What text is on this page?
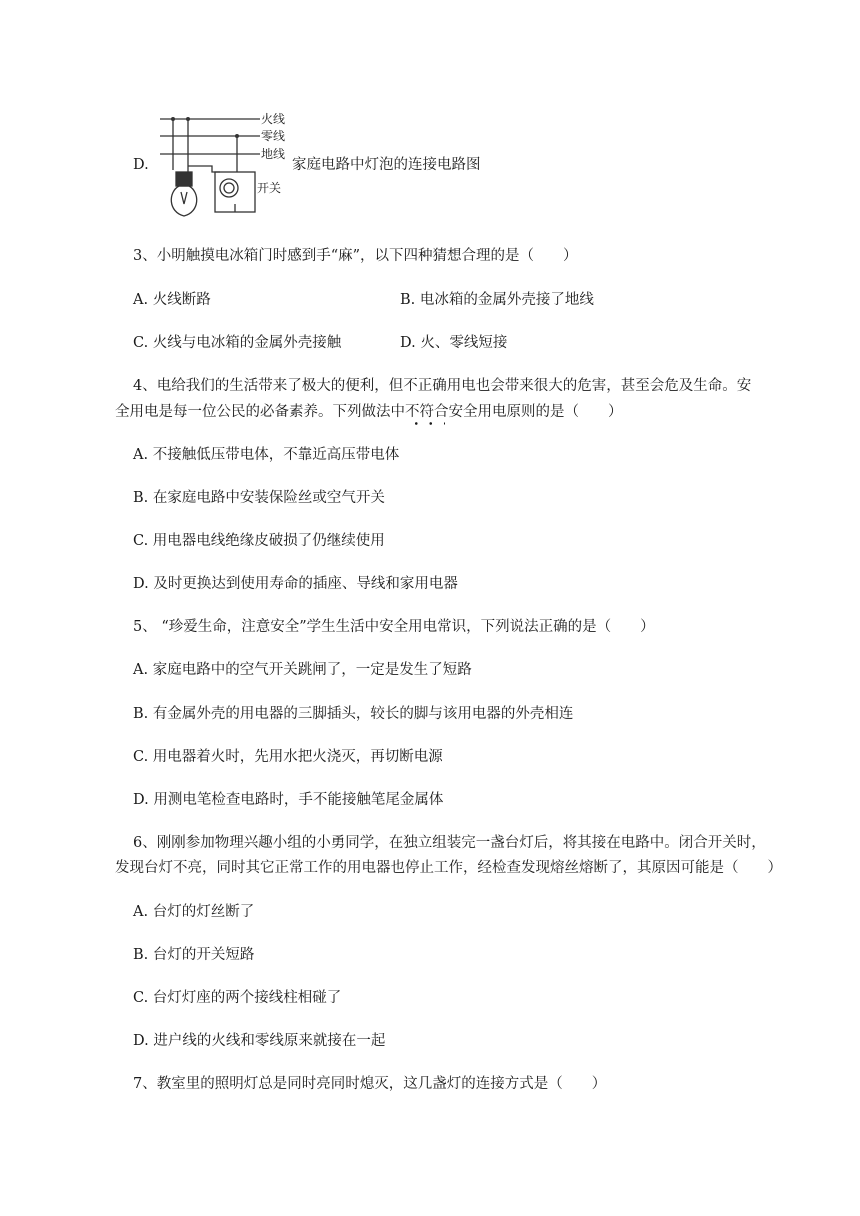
D.
火线
零线
地线
开关
家庭电路中灯泡的连接电路图
3、小明触摸电冰箱门时感到手“麻”，以下四种猜想合理的是（　　）
A. 火线断路	B. 电冰箱的金属外壳接了地线
C. 火线与电冰箱的金属外壳接触	D. 火、零线短接
4、电给我们的生活带来了极大的便利，但不正确用电也会带来很大的危害，甚至会危及生命。安
全用电是每一位公民的必备素养。下列做法中不符合安全用电原则的是（　　）
A. 不接触低压带电体，不靠近高压带电体
B. 在家庭电路中安装保险丝或空气开关
C. 用电器电线绝缘皮破损了仍继续使用
D. 及时更换达到使用寿命的插座、导线和家用电器
5、 “珍爱生命，注意安全”学生生活中安全用电常识，下列说法正确的是（　　）
A. 家庭电路中的空气开关跳闸了，一定是发生了短路
B. 有金属外壳的用电器的三脚插头，较长的脚与该用电器的外壳相连
C. 用电器着火时，先用水把火浇灭，再切断电源
D. 用测电笔检查电路时，手不能接触笔尾金属体
6、刚刚参加物理兴趣小组的小勇同学，在独立组装完一盏台灯后，将其接在电路中。闭合开关时，
发现台灯不亮，同时其它正常工作的用电器也停止工作，经检查发现熔丝熔断了，其原因可能是（　　）
A. 台灯的灯丝断了
B. 台灯的开关短路
C. 台灯灯座的两个接线柱相碰了
D. 进户线的火线和零线原来就接在一起
7、教室里的照明灯总是同时亮同时熄灭，这几盏灯的连接方式是（　　）
